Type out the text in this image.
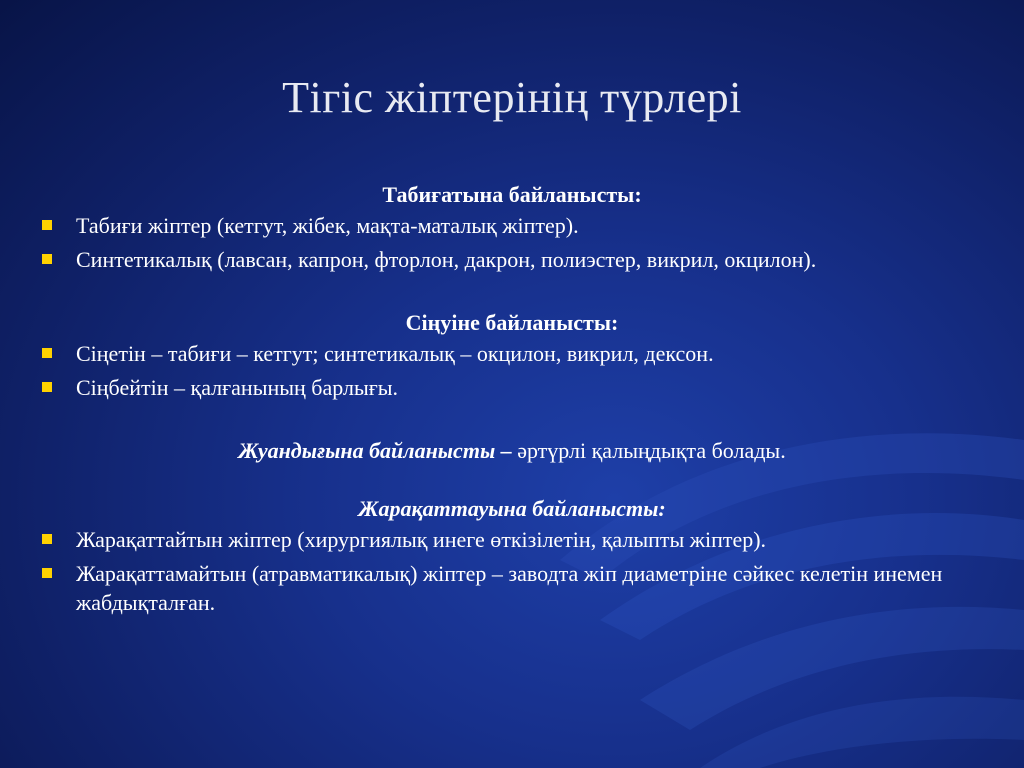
Тігіс жіптерінің түрлері

Табиғатына байланысты:

Табиғи жіптер (кетгут, жібек, мақта-маталық жіптер).
Синтетикалық (лавсан, капрон, фторлон, дакрон, полиэстер, викрил, окцилон).

Сіңуіне байланысты:

Сіңетін – табиғи – кетгут; синтетикалық – окцилон, викрил, дексон.
Сіңбейтін – қалғанының барлығы.

Жуандығына байланысты – әртүрлі қалыңдықта болады.

Жарақаттауына байланысты:

Жарақаттайтын жіптер (хирургиялық инеге өткізілетін, қалыпты жіптер).
Жарақаттамайтын (атравматикалық) жіптер – заводта жіп диаметріне сәйкес келетін инемен жабдықталған.
